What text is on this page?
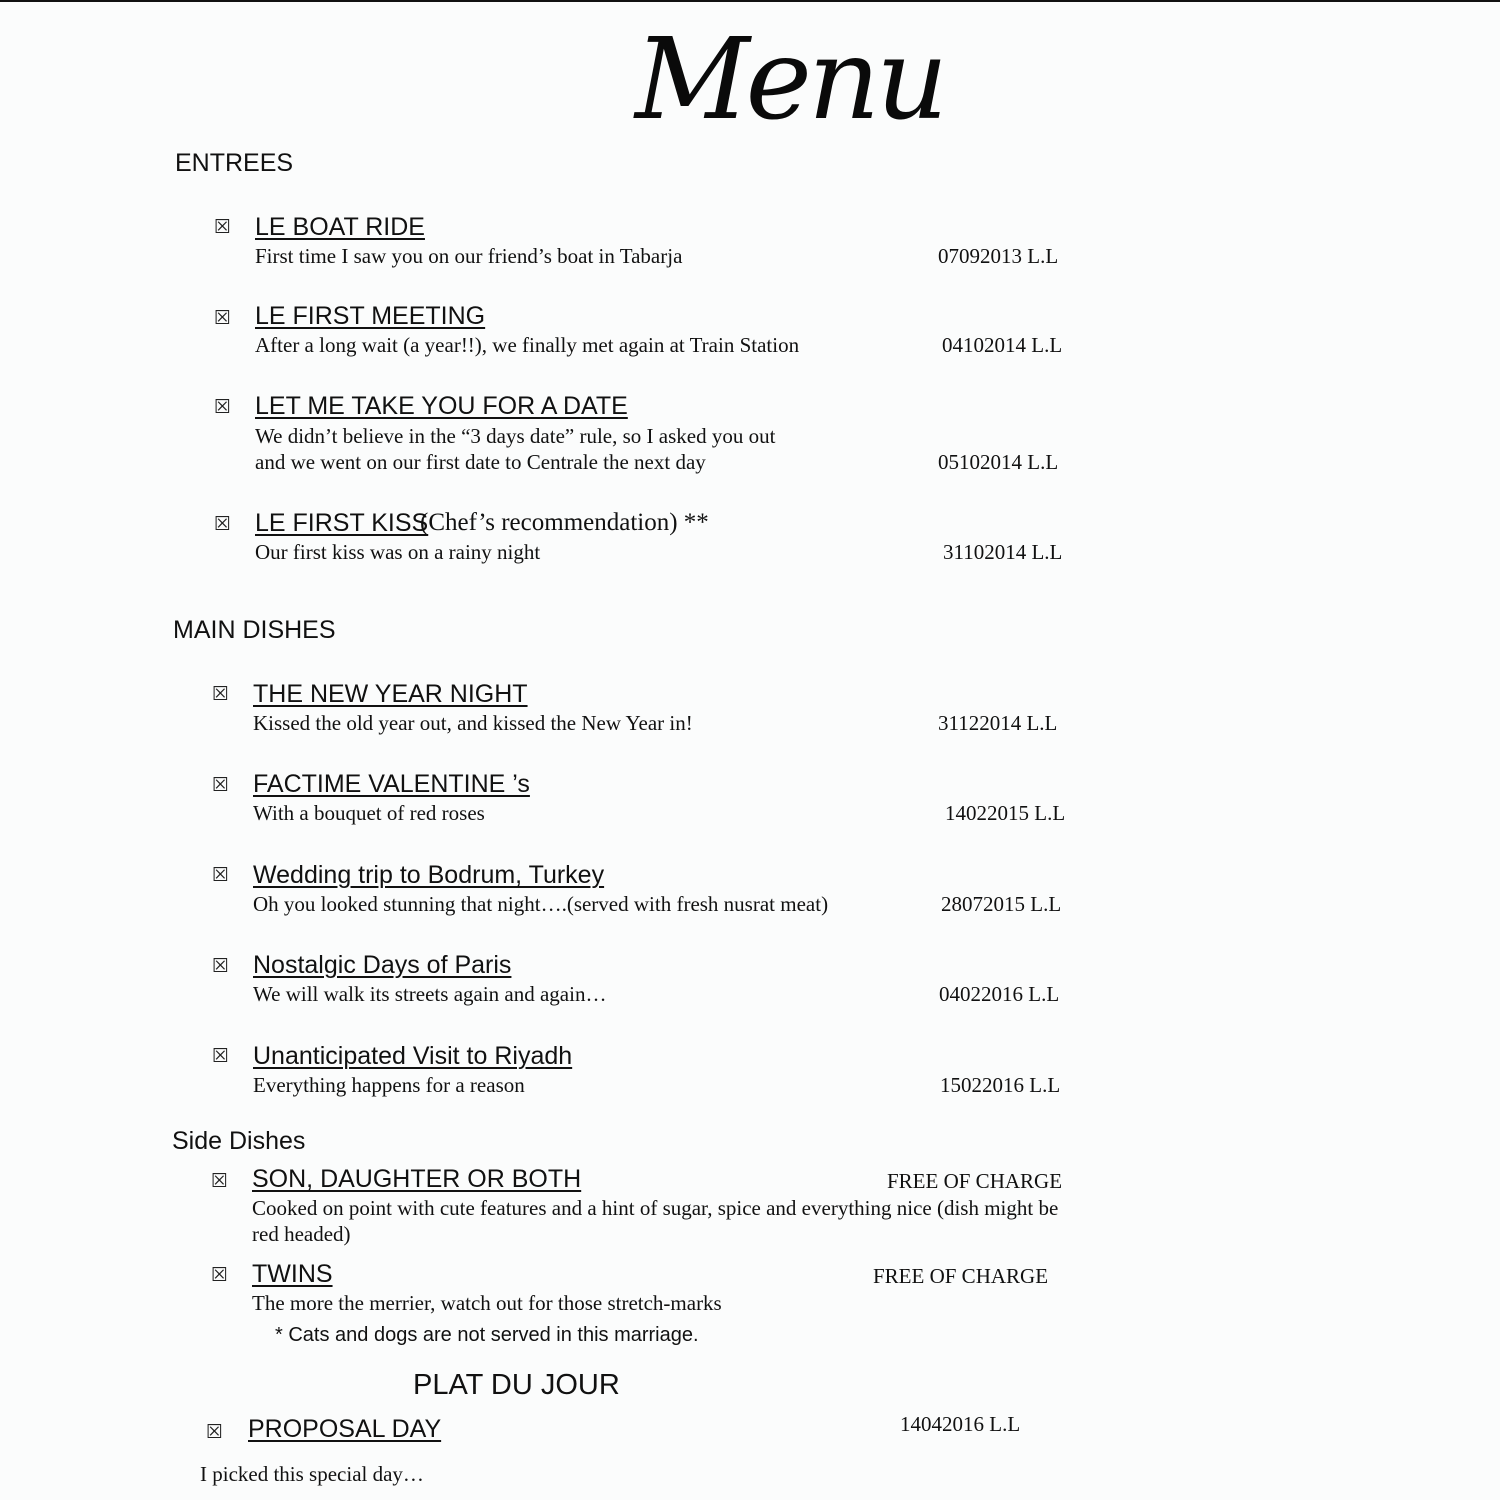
Menu
ENTREES
☒ LE BOAT RIDE
First time I saw you on our friend’s boat in Tabarja	07092013 L.L
☒ LE FIRST MEETING
After a long wait (a year!!), we finally met again at Train Station	04102014 L.L
☒ LET ME TAKE YOU FOR A DATE
We didn’t believe in the “3 days date” rule, so I asked you out
and we went on our first date to Centrale the next day	05102014 L.L
☒ LE FIRST KISS
(Chef’s recommendation) **
Our first kiss was on a rainy night	31102014 L.L
MAIN DISHES
☒ THE NEW YEAR NIGHT
Kissed the old year out, and kissed the New Year in!	31122014 L.L
☒ FACTIME VALENTINE ’s
With a bouquet of red roses	14022015 L.L
☒ Wedding trip to Bodrum, Turkey
Oh you looked stunning that night….(served with fresh nusrat meat)	28072015 L.L
☒ Nostalgic Days of Paris
We will walk its streets again and again…	04022016 L.L
☒ Unanticipated Visit to Riyadh
Everything happens for a reason	15022016 L.L
Side Dishes
☒ SON, DAUGHTER OR BOTH	FREE OF CHARGE
Cooked on point with cute features and a hint of sugar, spice and everything nice (dish might be red headed)
☒ TWINS	FREE OF CHARGE
The more the merrier, watch out for those stretch-marks
* Cats and dogs are not served in this marriage.
PLAT DU JOUR
☒ PROPOSAL DAY	14042016 L.L
I picked this special day…
